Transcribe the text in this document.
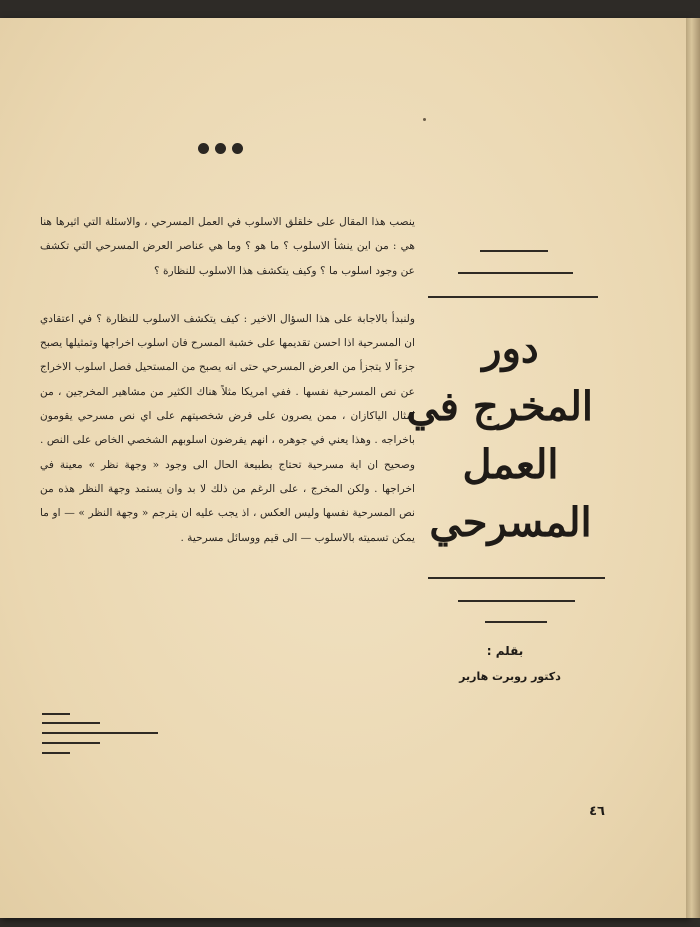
ينصب هذا المقال على خلقلق الاسلوب في العمل المسرحي ، والاسئلة التي اثيرها هنا هي : من اين ينشأ الاسلوب ؟ ما هو ؟ وما هي عناصر العرض المسرحي التي تكشف عن وجود اسلوب ما ؟ وكيف يتكشف هذا الاسلوب للنظارة ؟

ولنبدأ بالاجابة على هذا السؤال الاخير : كيف يتكشف الاسلوب للنظارة ؟ في اعتقادي ان المسرحية اذا احسن تقديمها على خشبة المسرح فان اسلوب اخراجها وتمثيلها يصبح جزءاً لا يتجزأ من العرض المسرحي حتى انه يصبح من المستحيل فصل اسلوب الاخراج عن نص المسرحية نفسها . ففي امريكا مثلاً هناك الكثير من مشاهير المخرجين ، من امثال الياكازان ، ممن يصرون على فرض شخصيتهم على اي نص مسرحي يقومون باخراجه . وهذا يعني في جوهره ، انهم يفرضون اسلوبهم الشخصي الخاص على النص . وصحيح ان اية مسرحية تحتاج بطبيعة الحال الى وجود « وجهة نظر » معينة في اخراجها . ولكن المخرج ، على الرغم من ذلك لا بد وان يستمد وجهة النظر هذه من نص المسرحية نفسها وليس العكس ، اذ يجب عليه ان يترجم « وجهة النظر » — او ما يمكن تسميته بالاسلوب — الى قيم ووسائل مسرحية .

دور
المخرج في
العمل
المسرحي
بقلم :
دكتور روبرت هارير
٤٦
